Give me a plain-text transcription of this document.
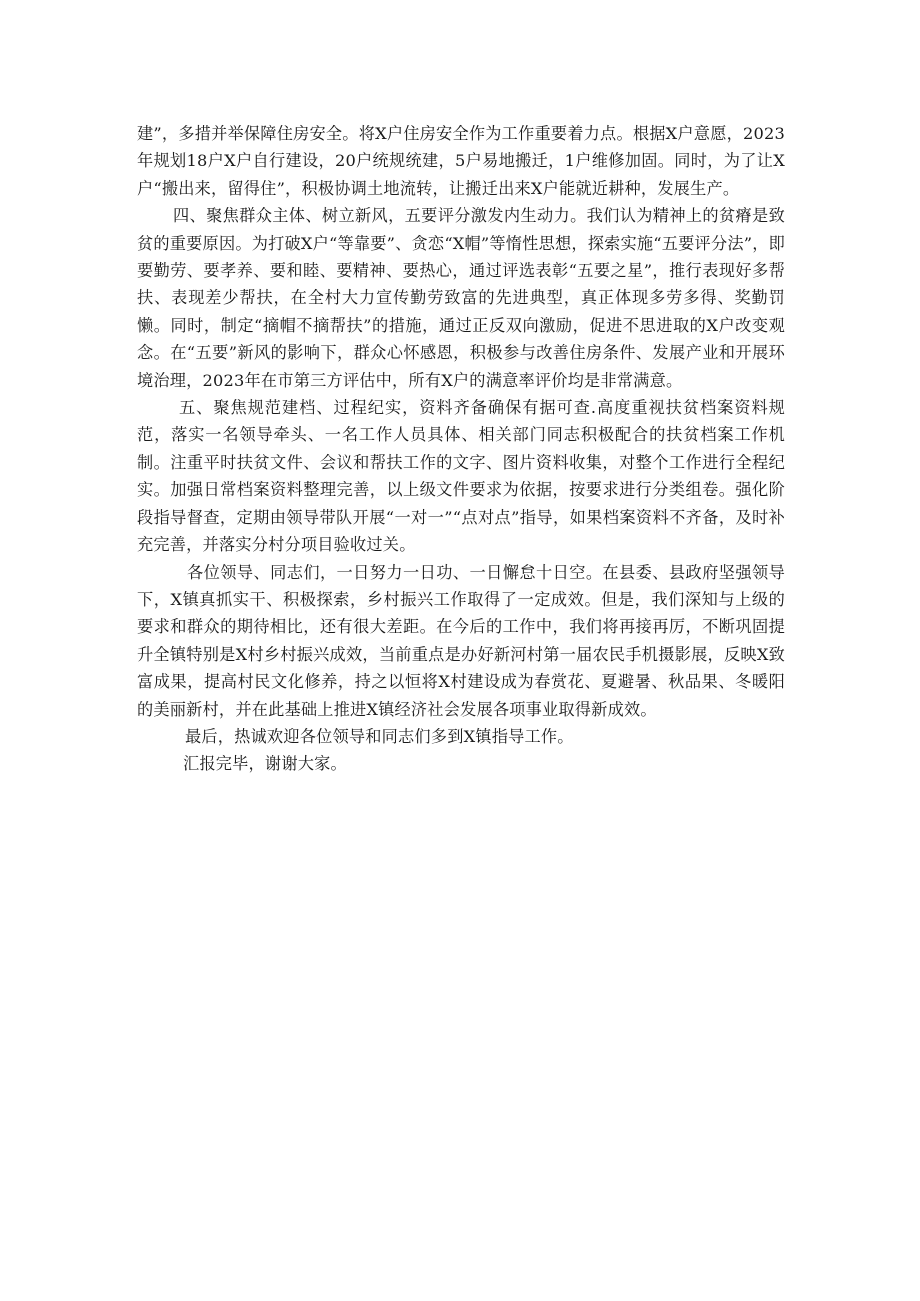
建”，多措并举保障住房安全。将X户住房安全作为工作重要着力点。根据X户意愿，2023年规划18户X户自行建设，20户统规统建，5户易地搬迁，1户维修加固。同时，为了让X户“搬出来，留得住”，积极协调土地流转，让搬迁出来X户能就近耕种，发展生产。

四、聚焦群众主体、树立新风，五要评分激发内生动力。我们认为精神上的贫瘠是致贫的重要原因。为打破X户“等靠要”、贪恋“X帽”等惰性思想，探索实施“五要评分法”，即要勤劳、要孝养、要和睦、要精神、要热心，通过评选表彰“五要之星”，推行表现好多帮扶、表现差少帮扶，在全村大力宣传勤劳致富的先进典型，真正体现多劳多得、奖勤罚懒。同时，制定“摘帽不摘帮扶”的措施，通过正反双向激励，促进不思进取的X户改变观念。在“五要”新风的影响下，群众心怀感恩，积极参与改善住房条件、发展产业和开展环境治理，2023年在市第三方评估中，所有X户的满意率评价均是非常满意。

五、聚焦规范建档、过程纪实，资料齐备确保有据可查.高度重视扶贫档案资料规范，落实一名领导牵头、一名工作人员具体、相关部门同志积极配合的扶贫档案工作机制。注重平时扶贫文件、会议和帮扶工作的文字、图片资料收集，对整个工作进行全程纪实。加强日常档案资料整理完善，以上级文件要求为依据，按要求进行分类组卷。强化阶段指导督查，定期由领导带队开展“一对一”“点对点”指导，如果档案资料不齐备，及时补充完善，并落实分村分项目验收过关。

各位领导、同志们，一日努力一日功、一日懈怠十日空。在县委、县政府坚强领导下，X镇真抓实干、积极探索，乡村振兴工作取得了一定成效。但是，我们深知与上级的要求和群众的期待相比，还有很大差距。在今后的工作中，我们将再接再厉，不断巩固提升全镇特别是X村乡村振兴成效，当前重点是办好新河村第一届农民手机摄影展，反映X致富成果，提高村民文化修养，持之以恒将X村建设成为春赏花、夏避暑、秋品果、冬暖阳的美丽新村，并在此基础上推进X镇经济社会发展各项事业取得新成效。

最后，热诚欢迎各位领导和同志们多到X镇指导工作。

汇报完毕，谢谢大家。
